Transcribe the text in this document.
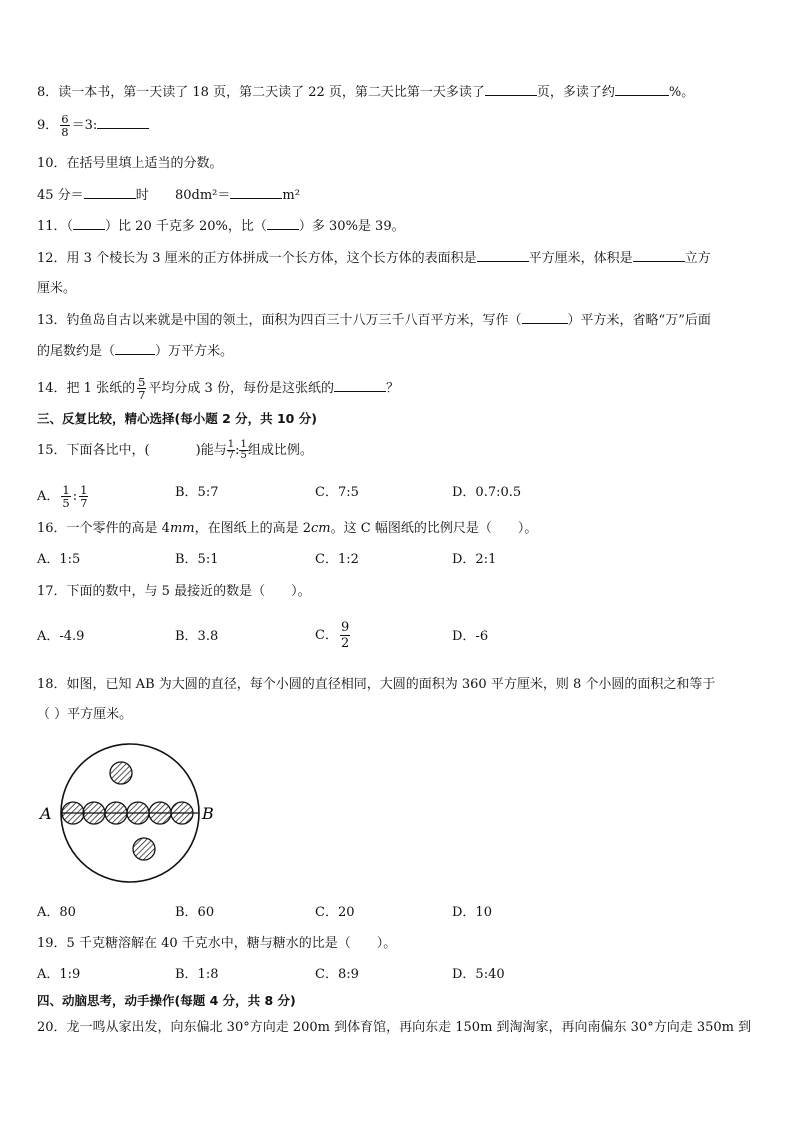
8．读一本书，第一天读了 18 页，第二天读了 22 页，第二天比第一天多读了	页，多读了约	%。
9． $\frac{6}{8} =3$:
10．在括号里填上适当的分数。
45 分＝	时 80dm²＝	m²
11．（ ）比 20 千克多 20%，比（ ）多 30%是 39。
12．用 3 个棱长为 3 厘米的正方体拼成一个长方体，这个长方体的表面积是	平方厘米，体积是	立方
厘米。
13．钓鱼岛自古以来就是中国的领土，面积为四百三十八万三千八百平方米，写作（	）平方米，省略“万”后面
的尾数约是（	）万平方米。
14．把 1 张纸的 $\frac{5}{7}$ 平均分成 3 份，每份是这张纸的	？
三、反复比较，精心选择(每小题 2 分，共 10 分)
15．下面各比中，(	)能与 $\frac{1}{7}$ : $\frac{1}{5}$ 组成比例。
A． $\frac{1}{5}$ : $\frac{1}{7}$	B．5:7	C．7:5	D．0.7:0.5
16．一个零件的高是 4mm，在图纸上的高是 2cm。这 C 幅图纸的比例尺是（　　）。
A．1:5	B．5:1	C．1:2	D．2:1
17．下面的数中，与 5 最接近的数是（　　）。
A．-4.9	B．3.8	C． $\frac{9}{2}$	D．-6
18．如图，已知 AB 为大圆的直径，每个小圆的直径相同，大圆的面积为 360 平方厘米，则 8 个小圆的面积之和等于
（ ）平方厘米。
A	B
A．80	B．60	C．20	D．10
19．5 千克糖溶解在 40 千克水中，糖与糖水的比是（　　）。
A．1:9	B．1:8	C．8:9	D．5:40
四、动脑思考，动手操作(每题 4 分，共 8 分)
20．龙一鸣从家出发，向东偏北 30°方向走 200m 到体育馆，再向东走 150m 到淘淘家，再向南偏东 30°方向走 350m 到
